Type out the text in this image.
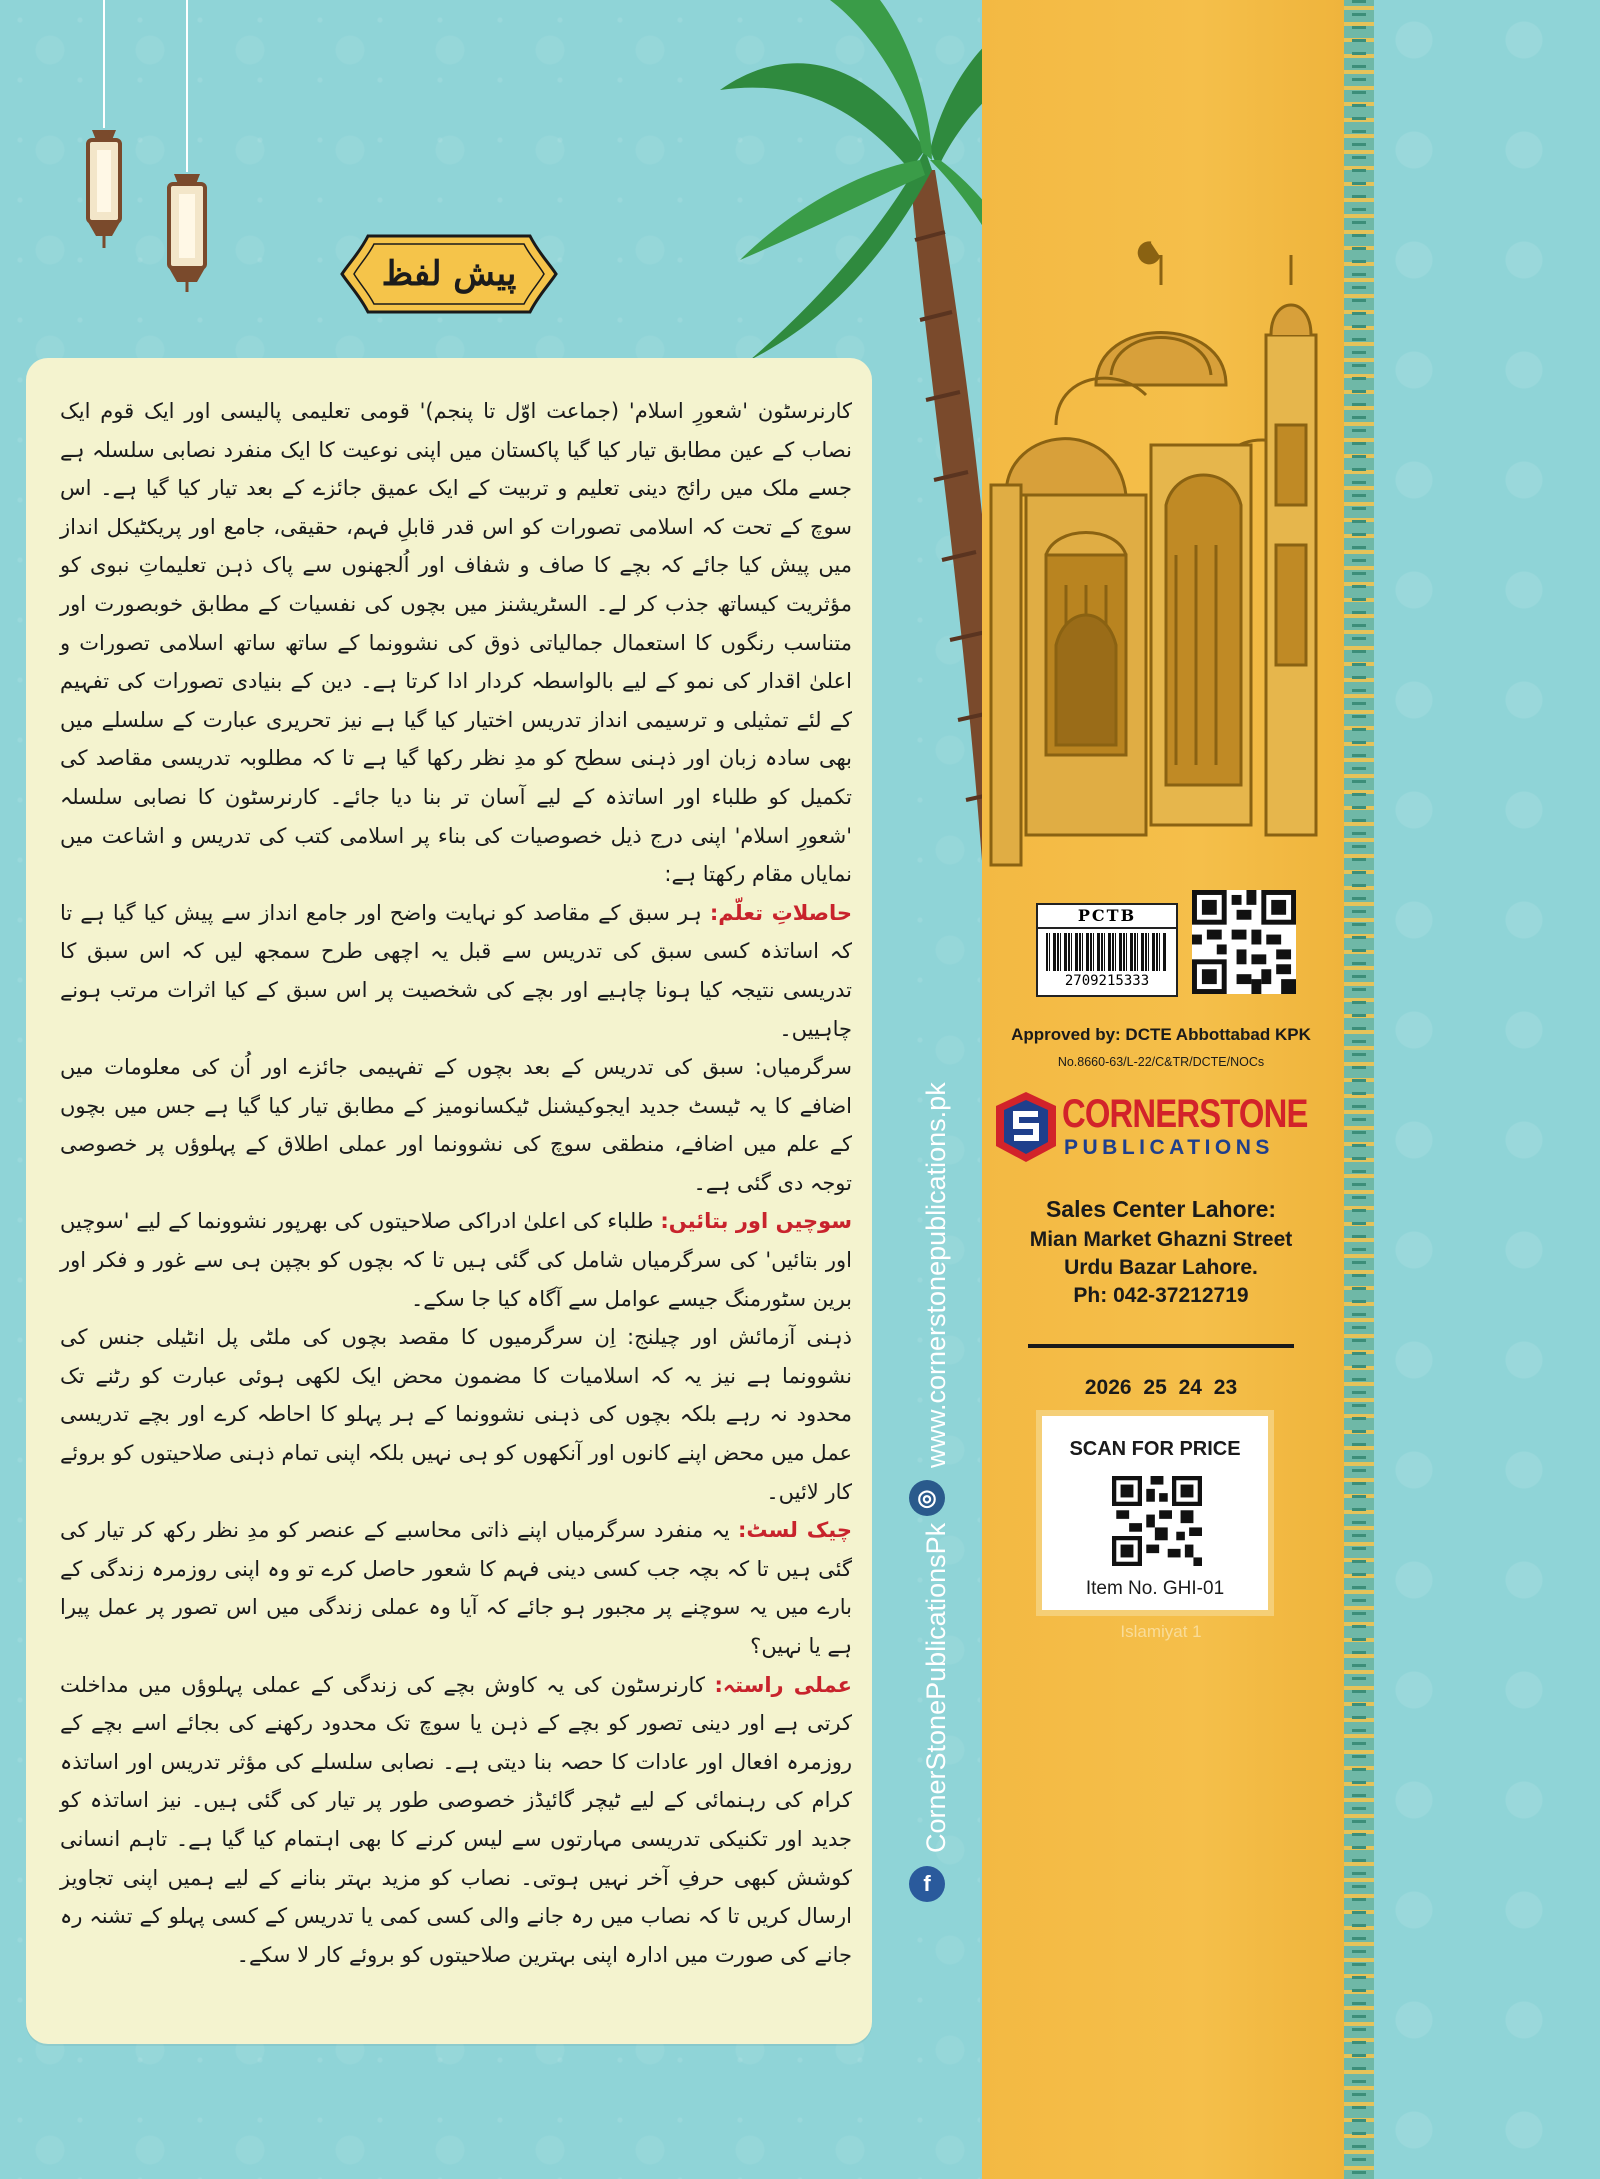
پیش لفظ

کارنرسٹون 'شعورِ اسلام' (جماعت اوّل تا پنجم)' قومی تعلیمی پالیسی اور ایک قوم ایک نصاب کے عین مطابق تیار کیا گیا پاکستان میں اپنی نوعیت کا ایک منفرد نصابی سلسلہ ہے جسے ملک میں رائج دینی تعلیم و تربیت کے ایک عمیق جائزے کے بعد تیار کیا گیا ہے۔ اس سوچ کے تحت کہ اسلامی تصورات کو اس قدر قابلِ فہم، حقیقی، جامع اور پریکٹیکل انداز میں پیش کیا جائے کہ بچے کا صاف و شفاف اور اُلجھنوں سے پاک ذہن تعلیماتِ نبوی کو مؤثریت کیساتھ جذب کر لے۔ السٹریشنز میں بچوں کی نفسیات کے مطابق خوبصورت اور متناسب رنگوں کا استعمال جمالیاتی ذوق کی نشوونما کے ساتھ ساتھ اسلامی تصورات و اعلیٰ اقدار کی نمو کے لیے بالواسطہ کردار ادا کرتا ہے۔ دین کے بنیادی تصورات کی تفہیم کے لئے تمثیلی و ترسیمی انداز تدریس اختیار کیا گیا ہے نیز تحریری عبارت کے سلسلے میں بھی سادہ زبان اور ذہنی سطح کو مدِ نظر رکھا گیا ہے تا کہ مطلوبہ تدریسی مقاصد کی تکمیل کو طلباء اور اساتذہ کے لیے آسان تر بنا دیا جائے۔ کارنرسٹون کا نصابی سلسلہ 'شعورِ اسلام' اپنی درج ذیل خصوصیات کی بناء پر اسلامی کتب کی تدریس و اشاعت میں نمایاں مقام رکھتا ہے:

حاصلاتِ تعلّم: ہر سبق کے مقاصد کو نہایت واضح اور جامع انداز سے پیش کیا گیا ہے تا کہ اساتذہ کسی سبق کی تدریس سے قبل یہ اچھی طرح سمجھ لیں کہ اس سبق کا تدریسی نتیجہ کیا ہونا چاہیے اور بچے کی شخصیت پر اس سبق کے کیا اثرات مرتب ہونے چاہییں۔

سرگرمیاں: سبق کی تدریس کے بعد بچوں کے تفہیمی جائزے اور اُن کی معلومات میں اضافے کا یہ ٹیسٹ جدید ایجوکیشنل ٹیکسانومیز کے مطابق تیار کیا گیا ہے جس میں بچوں کے علم میں اضافے، منطقی سوچ کی نشوونما اور عملی اطلاق کے پہلوؤں پر خصوصی توجہ دی گئی ہے۔

سوچیں اور بتائیں: طلباء کی اعلیٰ ادراکی صلاحیتوں کی بھرپور نشوونما کے لیے 'سوچیں اور بتائیں' کی سرگرمیاں شامل کی گئی ہیں تا کہ بچوں کو بچپن ہی سے غور و فکر اور برین سٹورمنگ جیسے عوامل سے آگاہ کیا جا سکے۔

ذہنی آزمائش اور چیلنج: اِن سرگرمیوں کا مقصد بچوں کی ملٹی پل انٹیلی جنس کی نشوونما ہے نیز یہ کہ اسلامیات کا مضمون محض ایک لکھی ہوئی عبارت کو رٹنے تک محدود نہ رہے بلکہ بچوں کی ذہنی نشوونما کے ہر پہلو کا احاطہ کرے اور بچے تدریسی عمل میں محض اپنے کانوں اور آنکھوں کو ہی نہیں بلکہ اپنی تمام ذہنی صلاحیتوں کو بروئے کار لائیں۔

چیک لسٹ: یہ منفرد سرگرمیاں اپنے ذاتی محاسبے کے عنصر کو مدِ نظر رکھ کر تیار کی گئی ہیں تا کہ بچہ جب کسی دینی فہم کا شعور حاصل کرے تو وہ اپنی روزمرہ زندگی کے بارے میں یہ سوچنے پر مجبور ہو جائے کہ آیا وہ عملی زندگی میں اس تصور پر عمل پیرا ہے یا نہیں؟

عملی راستہ: کارنرسٹون کی یہ کاوش بچے کی زندگی کے عملی پہلوؤں میں مداخلت کرتی ہے اور دینی تصور کو بچے کے ذہن یا سوچ تک محدود رکھنے کی بجائے اسے بچے کے روزمرہ افعال اور عادات کا حصہ بنا دیتی ہے۔ نصابی سلسلے کی مؤثر تدریس اور اساتذہ کرام کی رہنمائی کے لیے ٹیچر گائیڈز خصوصی طور پر تیار کی گئی ہیں۔ نیز اساتذہ کو جدید اور تکنیکی تدریسی مہارتوں سے لیس کرنے کا بھی اہتمام کیا گیا ہے۔ تاہم انسانی کوشش کبھی حرفِ آخر نہیں ہوتی۔ نصاب کو مزید بہتر بنانے کے لیے ہمیں اپنی تجاویز ارسال کریں تا کہ نصاب میں رہ جانے والی کسی کمی یا تدریس کے کسی پہلو کے تشنہ رہ جانے کی صورت میں ادارہ اپنی بہترین صلاحیتوں کو بروئے کار لا سکے۔

www.cornerstonepublications.pk
◎
CornerStonePublicationsPk
f
PCTB
2709215333
Approved by: DCTE Abbottabad KPK
No.8660-63/L-22/C&TR/DCTE/NOCs
CORNERSTONE
PUBLICATIONS
Sales Center Lahore:
Mian Market Ghazni Street
Urdu Bazar Lahore.
Ph: 042-37212719
2026 25 24 23
SCAN FOR PRICE
Item No. GHI-01
Islamiyat 1
